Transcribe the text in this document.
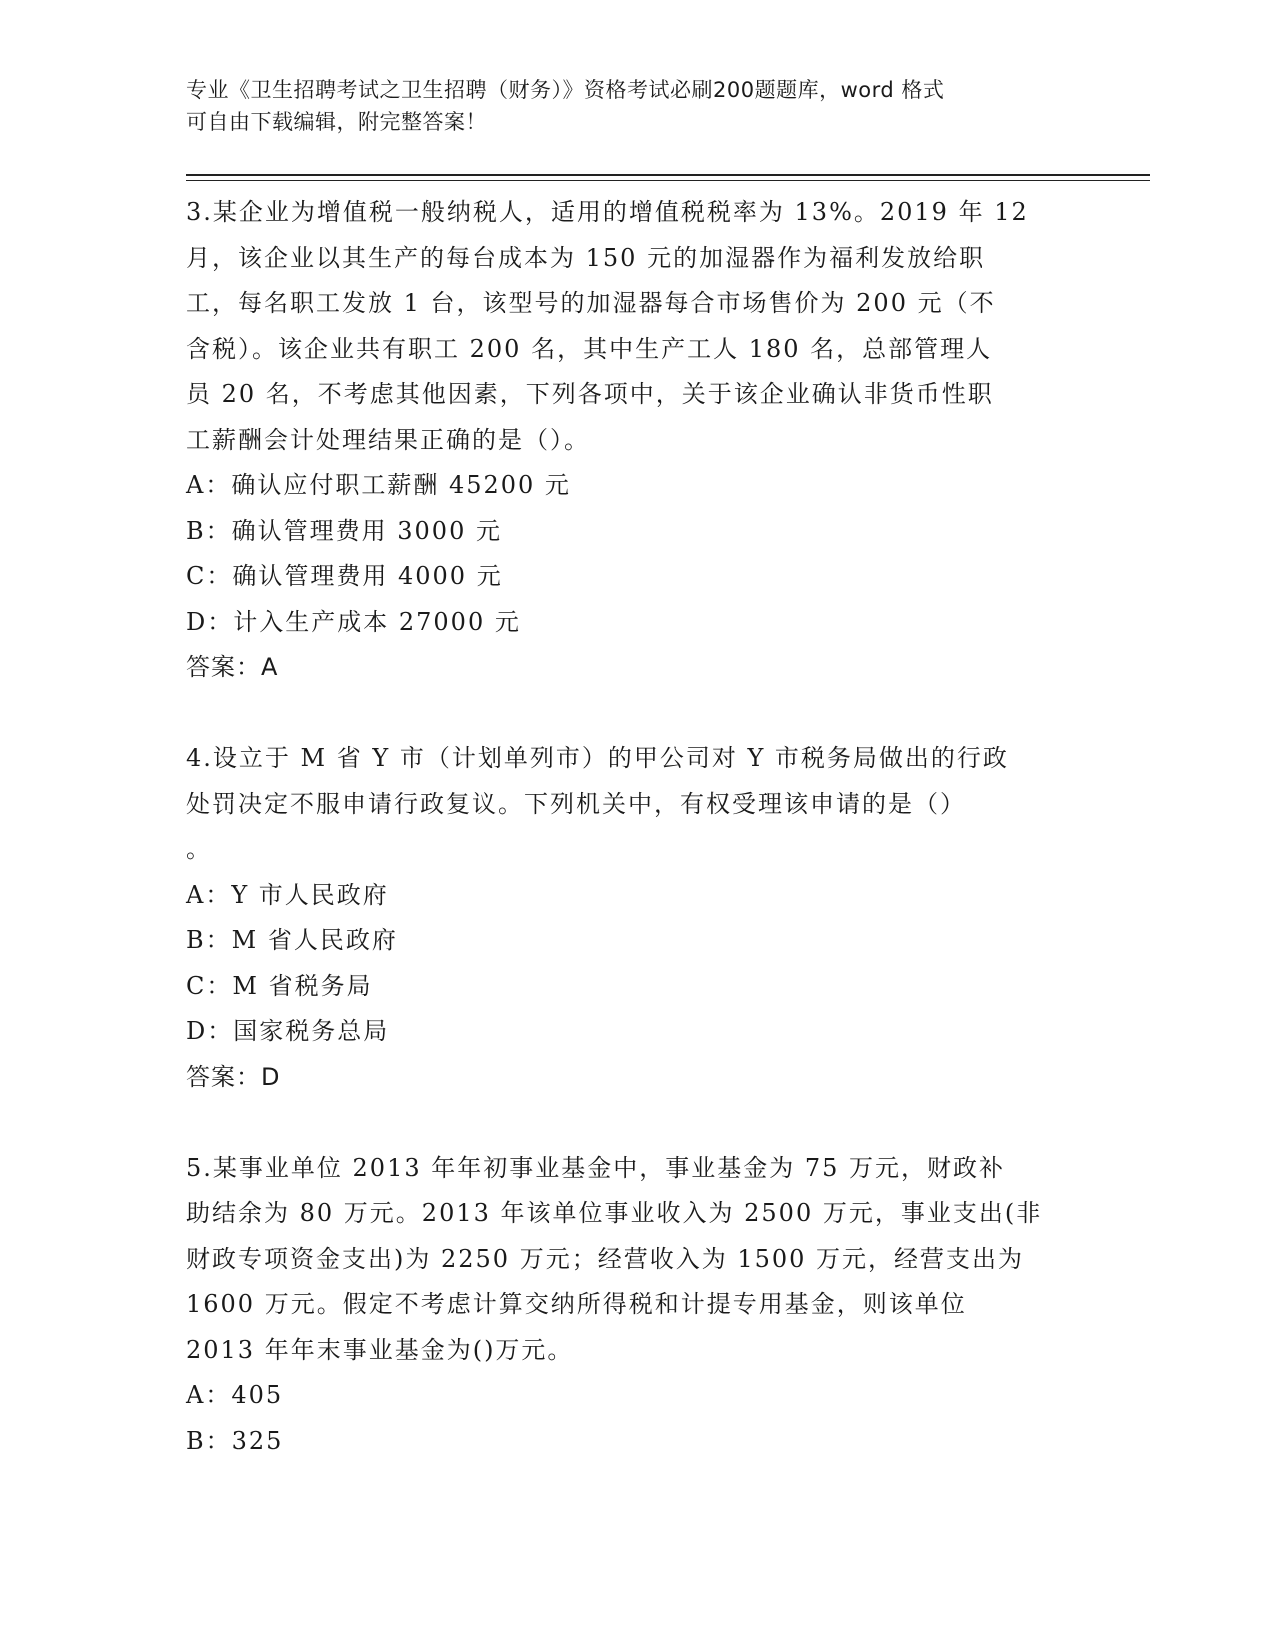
专业《卫生招聘考试之卫生招聘（财务）》资格考试必刷200题题库，word 格式
可自由下载编辑，附完整答案！
3.某企业为增值税一般纳税人，适用的增值税税率为 13%。2019 年 12
月，该企业以其生产的每台成本为 150 元的加湿器作为福利发放给职
工，每名职工发放 1 台，该型号的加湿器每合市场售价为 200 元（不
含税）。该企业共有职工 200 名，其中生产工人 180 名，总部管理人
员 20 名，不考虑其他因素，下列各项中，关于该企业确认非货币性职
工薪酬会计处理结果正确的是（）。
A：确认应付职工薪酬 45200 元
B：确认管理费用 3000 元
C：确认管理费用 4000 元
D：计入生产成本 27000 元
答案：A
4.设立于 M 省 Y 市（计划单列市）的甲公司对 Y 市税务局做出的行政
处罚决定不服申请行政复议。下列机关中，有权受理该申请的是（）
。
A：Y 市人民政府
B：M 省人民政府
C：M 省税务局
D：国家税务总局
答案：D
5.某事业单位 2013 年年初事业基金中，事业基金为 75 万元，财政补
助结余为 80 万元。2013 年该单位事业收入为 2500 万元，事业支出(非
财政专项资金支出)为 2250 万元；经营收入为 1500 万元，经营支出为
1600 万元。假定不考虑计算交纳所得税和计提专用基金，则该单位
2013 年年末事业基金为()万元。
A：405
B：325
